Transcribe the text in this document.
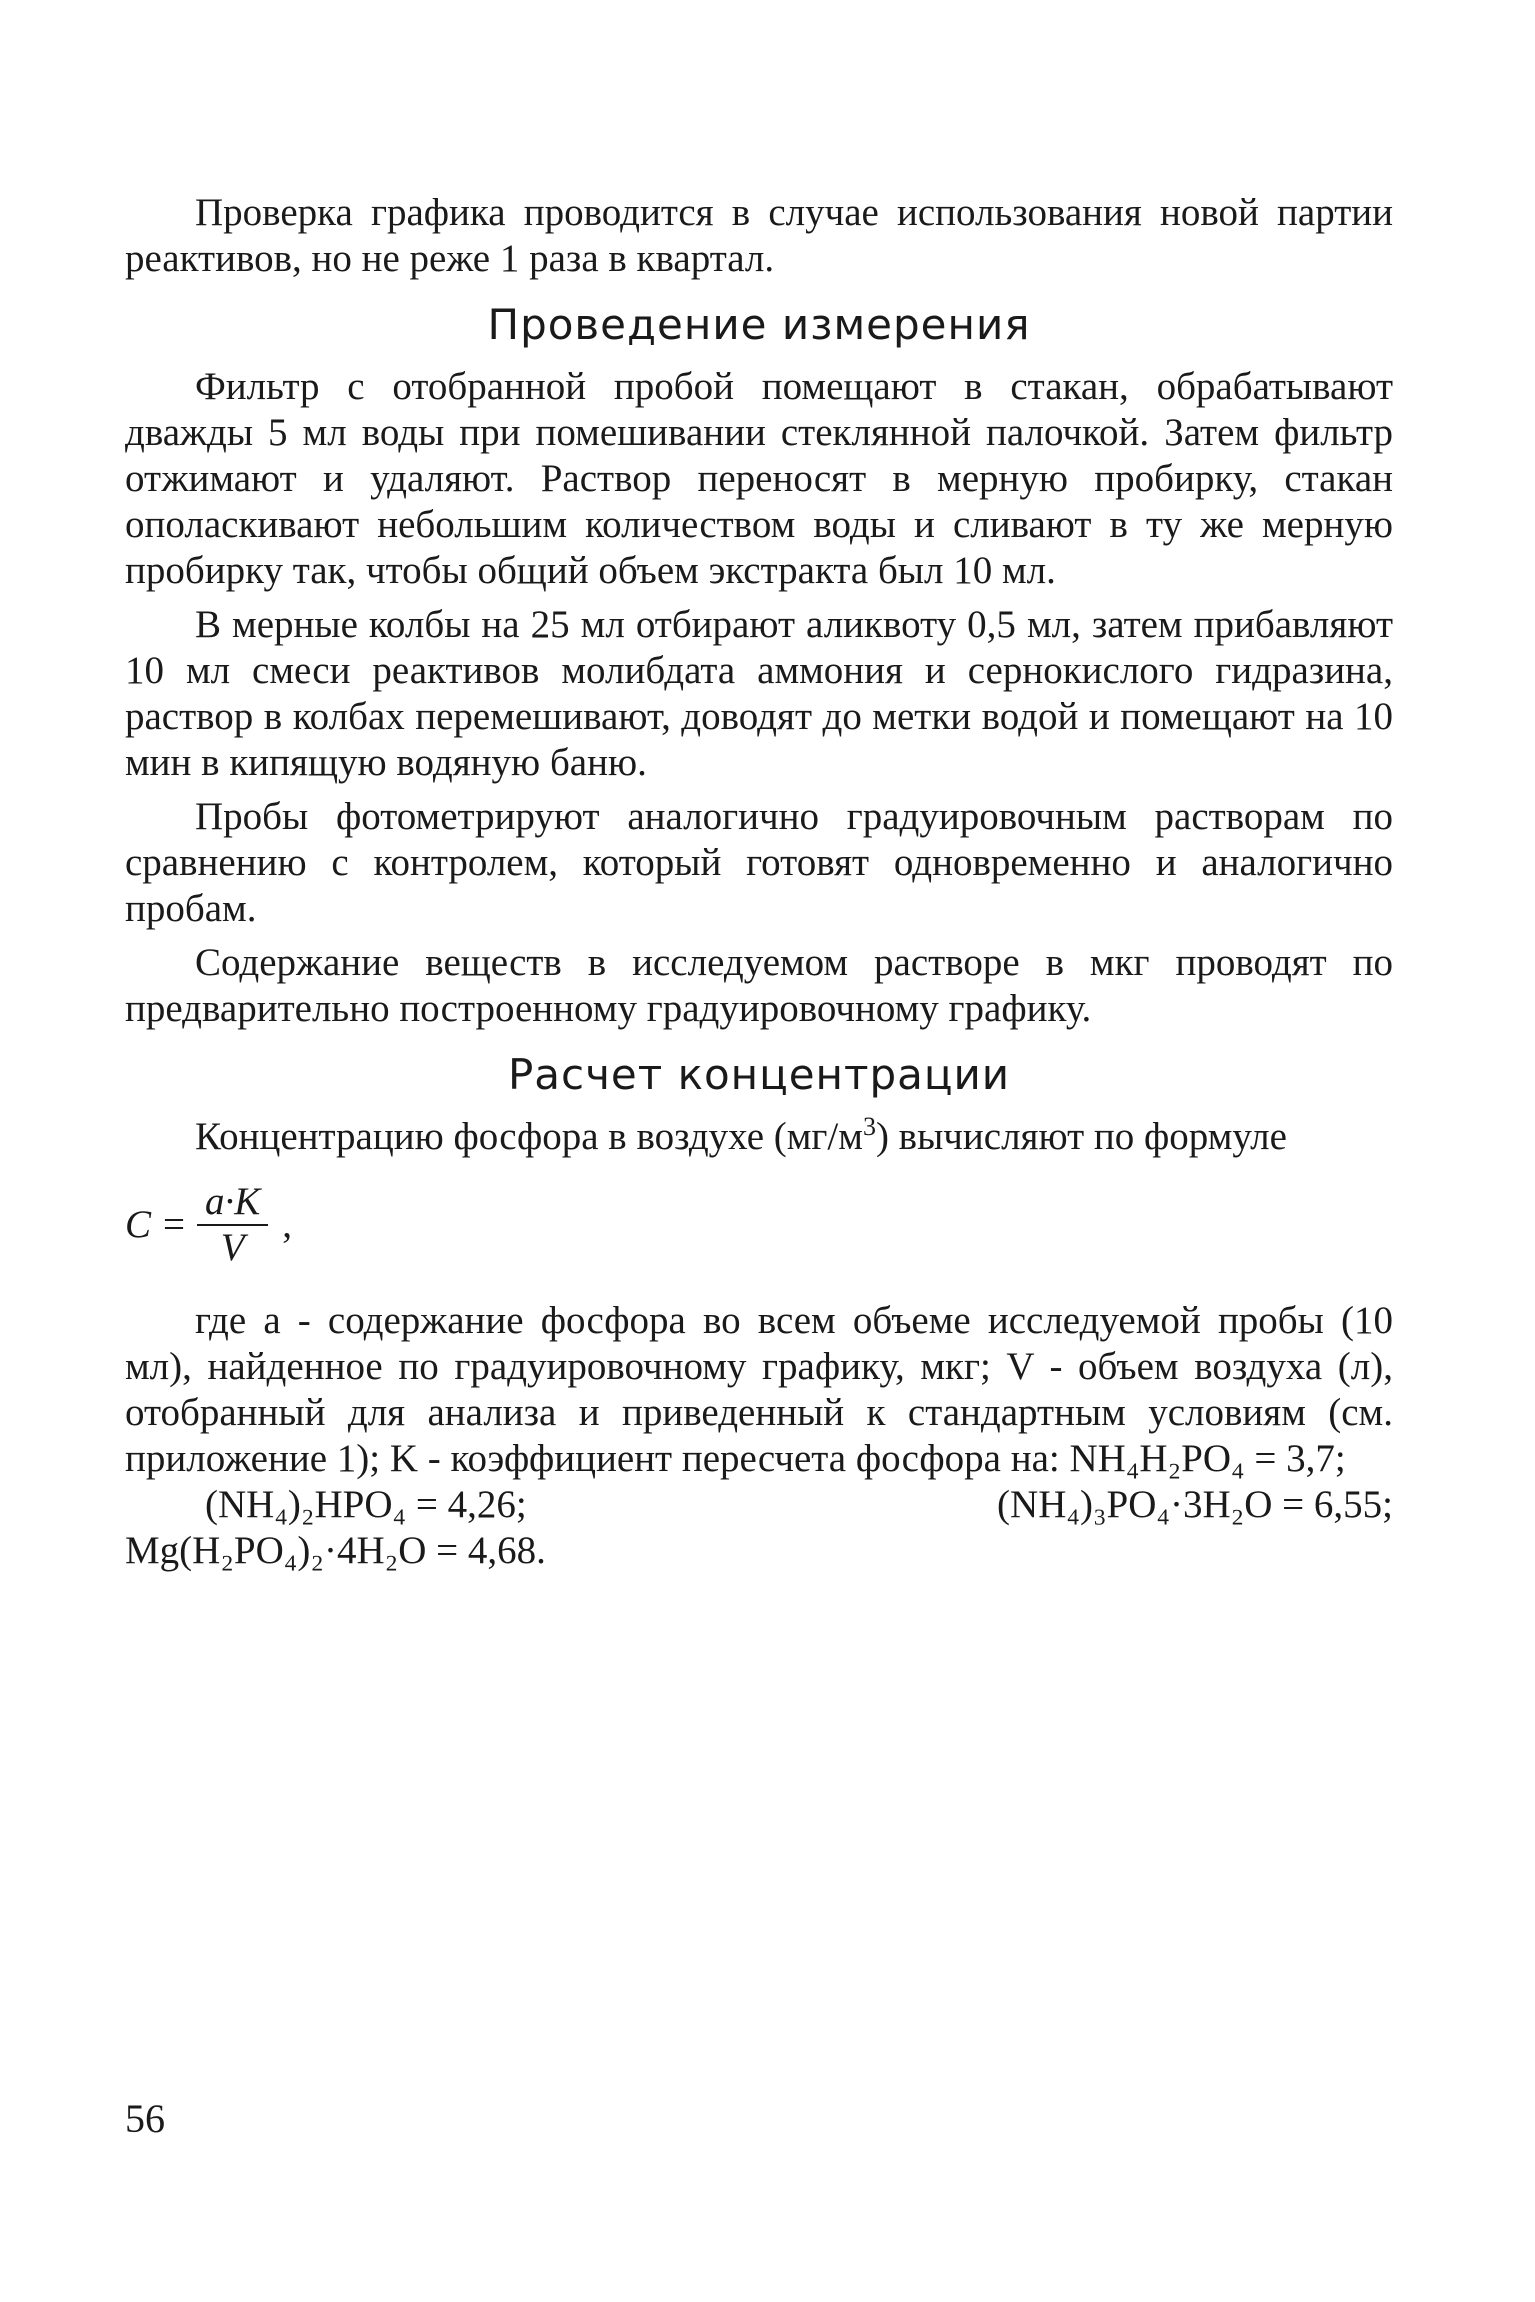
Проверка графика проводится в случае использования новой партии реактивов, но не реже 1 раза в квартал.

Проведение измерения

Фильтр с отобранной пробой помещают в стакан, обрабатывают дважды 5 мл воды при помешивании стеклянной палочкой. Затем фильтр отжимают и удаляют. Раствор переносят в мерную пробирку, стакан ополаскивают небольшим количеством воды и сливают в ту же мерную пробирку так, чтобы общий объем экстракта был 10 мл.

В мерные колбы на 25 мл отбирают аликвоту 0,5 мл, затем прибавляют 10 мл смеси реактивов молибдата аммония и сернокислого гидразина, раствор в колбах перемешивают, доводят до метки водой и помещают на 10 мин в кипящую водяную баню.

Пробы фотометрируют аналогично градуировочным растворам по сравнению с контролем, который готовят одновременно и аналогично пробам.

Содержание веществ в исследуемом растворе в мкг проводят по предварительно построенному градуировочному графику.

Расчет концентрации

Концентрацию фосфора в воздухе $(мг/м^3)$ вычисляют по формуле

$C = \frac{a\cdot K}{V}$ ,

где a - содержание фосфора во всем объеме исследуемой пробы (10 мл), найденное по градуировочному графику, мкг; V - объем воздуха (л), отобранный для анализа и приведенный к стандартным условиям (см. приложение 1); K - коэффициент пересчета фосфора на: NH₄H₂PO₄ = 3,7;

(NH₄)₂HPO₄ = 4,26;	(NH₄)₃PO₄·3H₂O = 6,55;
Mg(H₂PO₄)₂·4H₂O = 4,68.
56
